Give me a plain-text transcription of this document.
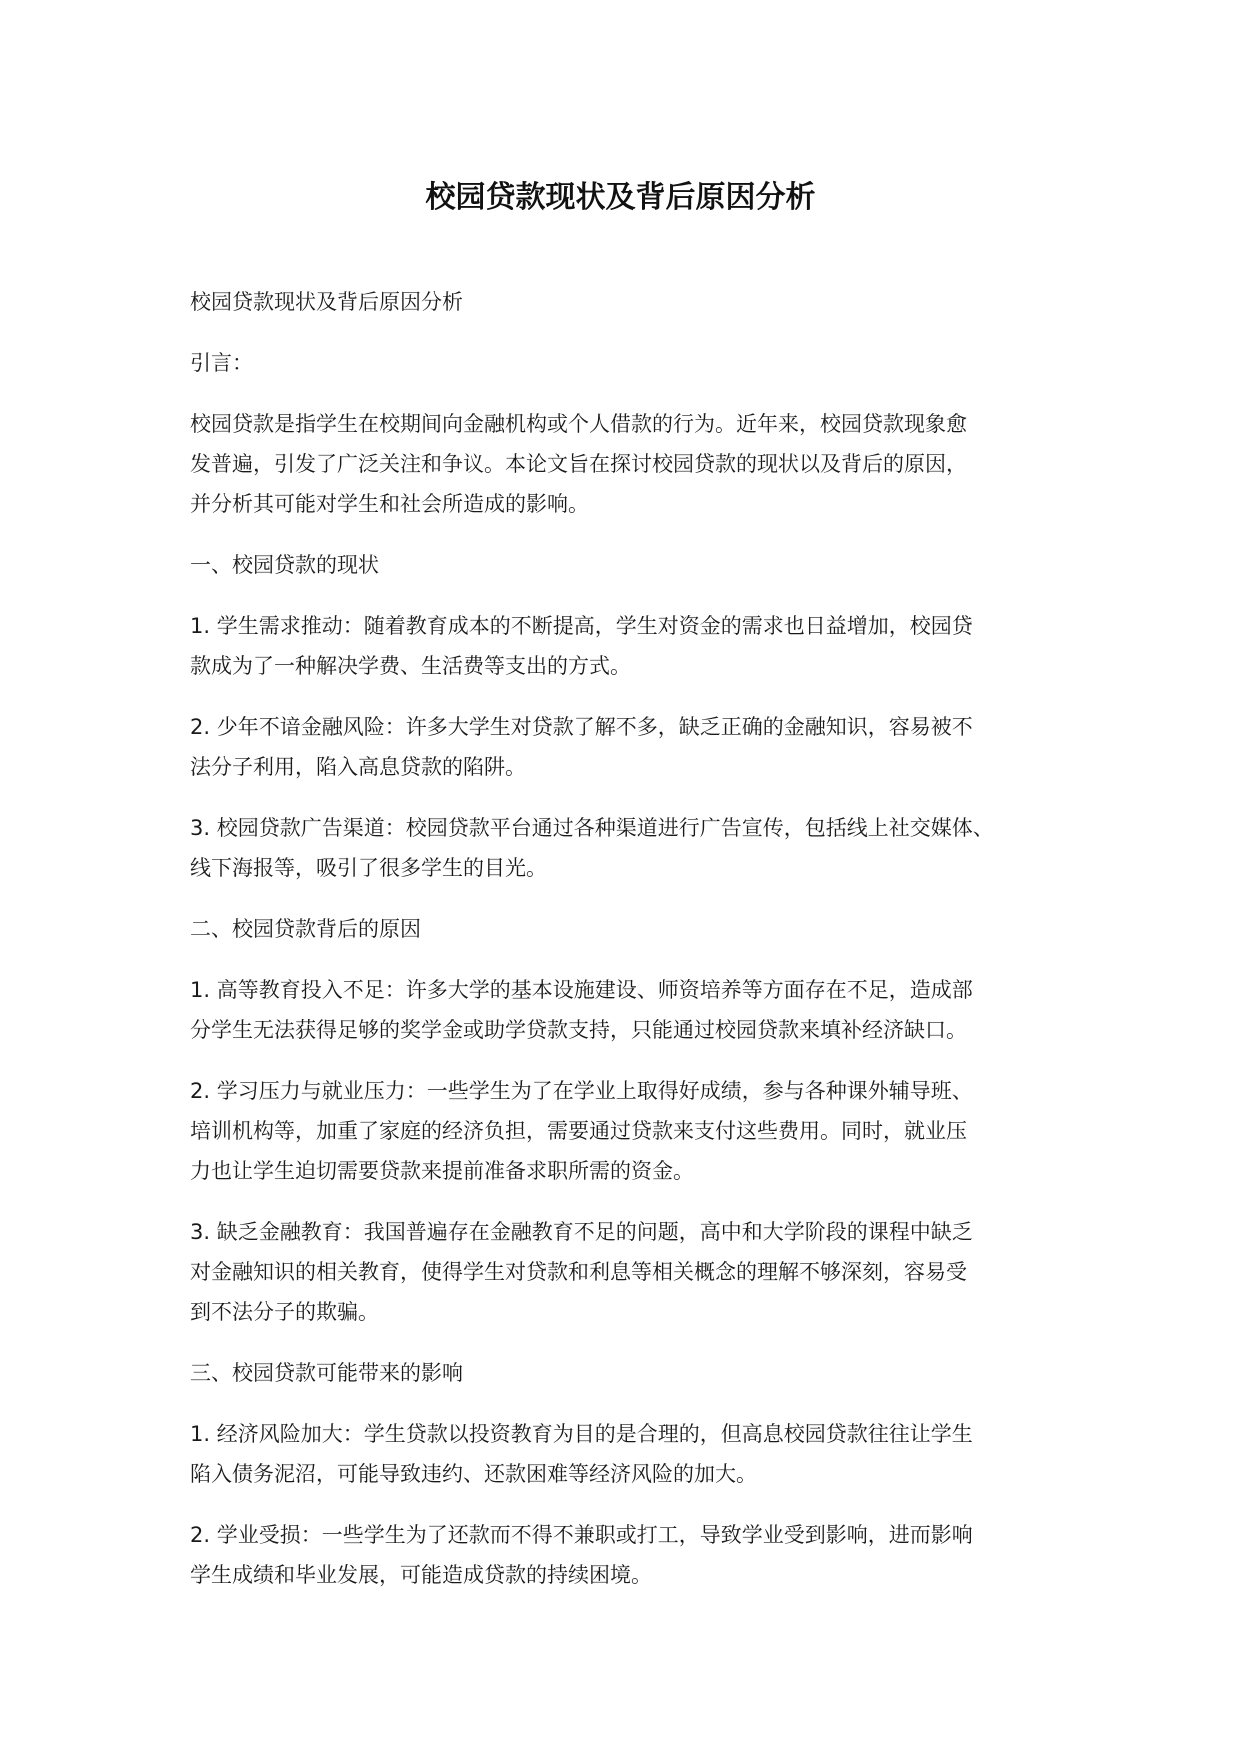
校园贷款现状及背后原因分析

校园贷款现状及背后原因分析

引言：

校园贷款是指学生在校期间向金融机构或个人借款的行为。近年来，校园贷款现象愈
发普遍，引发了广泛关注和争议。本论文旨在探讨校园贷款的现状以及背后的原因，
并分析其可能对学生和社会所造成的影响。

一、校园贷款的现状

1. 学生需求推动：随着教育成本的不断提高，学生对资金的需求也日益增加，校园贷
款成为了一种解决学费、生活费等支出的方式。

2. 少年不谙金融风险：许多大学生对贷款了解不多，缺乏正确的金融知识，容易被不
法分子利用，陷入高息贷款的陷阱。

3. 校园贷款广告渠道：校园贷款平台通过各种渠道进行广告宣传，包括线上社交媒体、
线下海报等，吸引了很多学生的目光。

二、校园贷款背后的原因

1. 高等教育投入不足：许多大学的基本设施建设、师资培养等方面存在不足，造成部
分学生无法获得足够的奖学金或助学贷款支持，只能通过校园贷款来填补经济缺口。

2. 学习压力与就业压力：一些学生为了在学业上取得好成绩，参与各种课外辅导班、
培训机构等，加重了家庭的经济负担，需要通过贷款来支付这些费用。同时，就业压
力也让学生迫切需要贷款来提前准备求职所需的资金。

3. 缺乏金融教育：我国普遍存在金融教育不足的问题，高中和大学阶段的课程中缺乏
对金融知识的相关教育，使得学生对贷款和利息等相关概念的理解不够深刻，容易受
到不法分子的欺骗。

三、校园贷款可能带来的影响

1. 经济风险加大：学生贷款以投资教育为目的是合理的，但高息校园贷款往往让学生
陷入债务泥沼，可能导致违约、还款困难等经济风险的加大。

2. 学业受损：一些学生为了还款而不得不兼职或打工，导致学业受到影响，进而影响
学生成绩和毕业发展，可能造成贷款的持续困境。
